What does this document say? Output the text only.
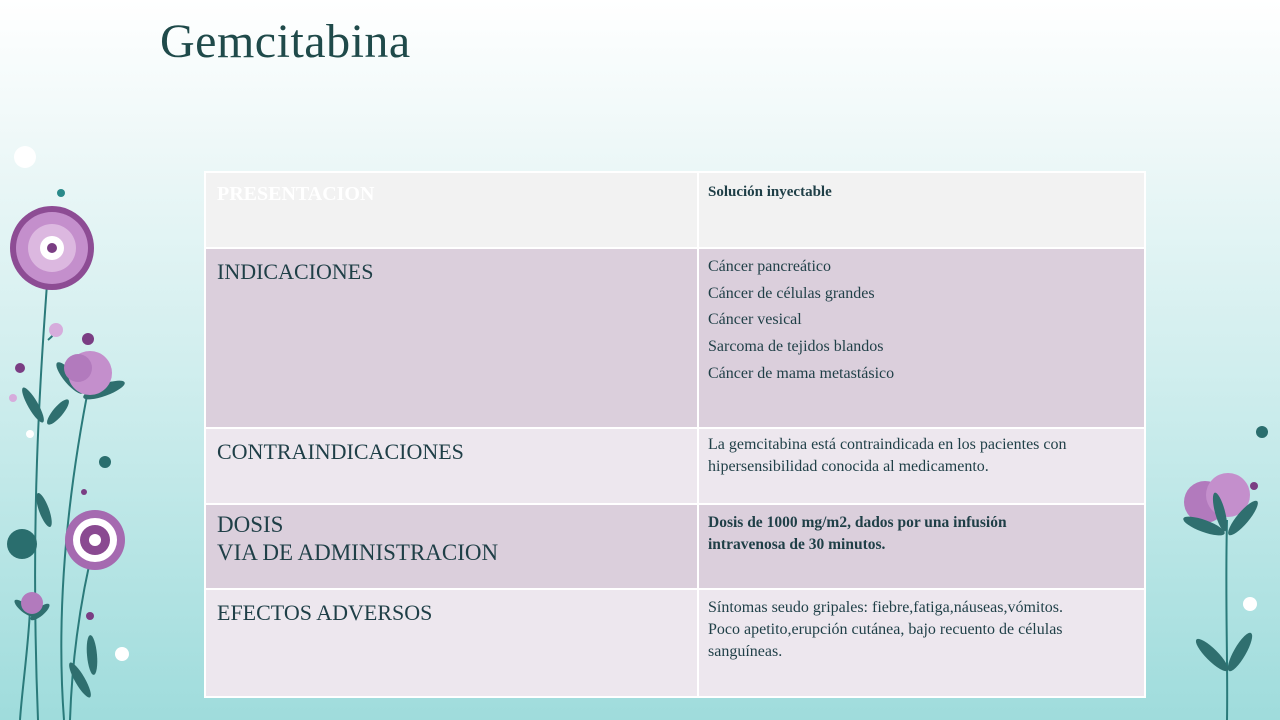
Gemcitabina
PRESENTACION	Solución inyectable

INDICACIONES	Cáncer pancreático
Cáncer de células grandes
Cáncer vesical
Sarcoma de tejidos blandos
Cáncer de mama metastásico

CONTRAINDICACIONES	La gemcitabina está contraindicada en los pacientes con
hipersensibilidad conocida al medicamento.

DOSIS
VIA DE ADMINISTRACION	Dosis de 1000 mg/m2, dados por una infusión
intravenosa de 30 minutos.

EFECTOS ADVERSOS	Síntomas seudo gripales: fiebre,fatiga,náuseas,vómitos.
Poco apetito,erupción cutánea, bajo recuento de células
sanguíneas.
